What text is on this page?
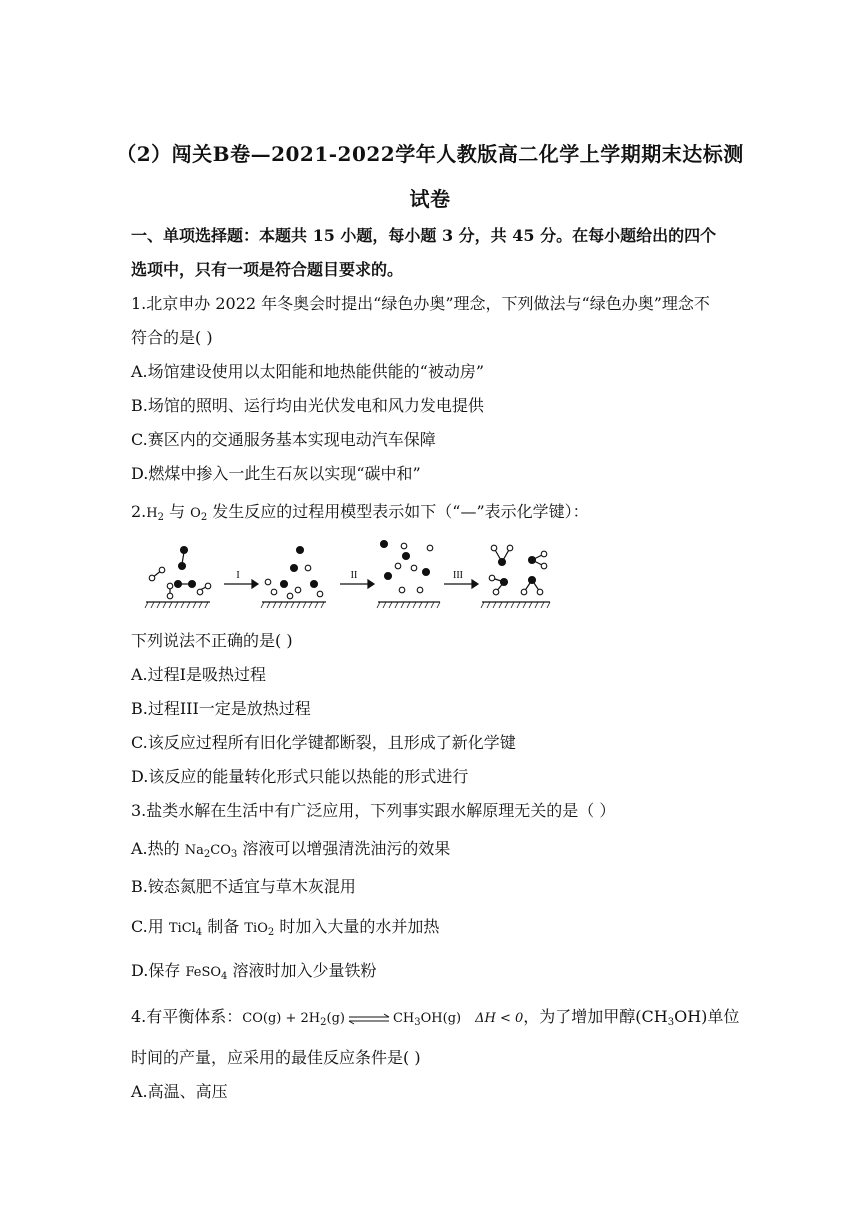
（2）闯关B卷—2021-2022学年人教版高二化学上学期期末达标测
试卷
一、单项选择题：本题共 15 小题，每小题 3 分，共 45 分。在每小题给出的四个
选项中，只有一项是符合题目要求的。
1.北京申办 2022 年冬奥会时提出“绿色办奥”理念，下列做法与“绿色办奥”理念不
符合的是( )
A.场馆建设使用以太阳能和地热能供能的“被动房”
B.场馆的照明、运行均由光伏发电和风力发电提供
C.赛区内的交通服务基本实现电动汽车保障
D.燃煤中掺入一此生石灰以实现“碳中和”
$2.H_2$ 与 $O_2$ 发生反应的过程用模型表示如下（“—”表示化学键）：
I	II	III
下列说法不正确的是( )
A.过程I是吸热过程
B.过程III一定是放热过程
C.该反应过程所有旧化学键都断裂，且形成了新化学键
D.该反应的能量转化形式只能以热能的形式进行
3.盐类水解在生活中有广泛应用，下列事实跟水解原理无关的是（ ）
A.热的 $Na_2CO_3$ 溶液可以增强清洗油污的效果
B.铵态氮肥不适宜与草木灰混用
C.用 TiCl$_4$ 制备 TiO$_2$ 时加入大量的水并加热
D.保存 FeSO$_4$ 溶液时加入少量铁粉
4.有平衡体系：$CO(g) + 2H_2(g)$ ⇌ $CH_3OH(g) \Delta H < 0$，为了增加甲醇$(CH_3OH)$单位
时间的产量，应采用的最佳反应条件是( )
A.高温、高压
